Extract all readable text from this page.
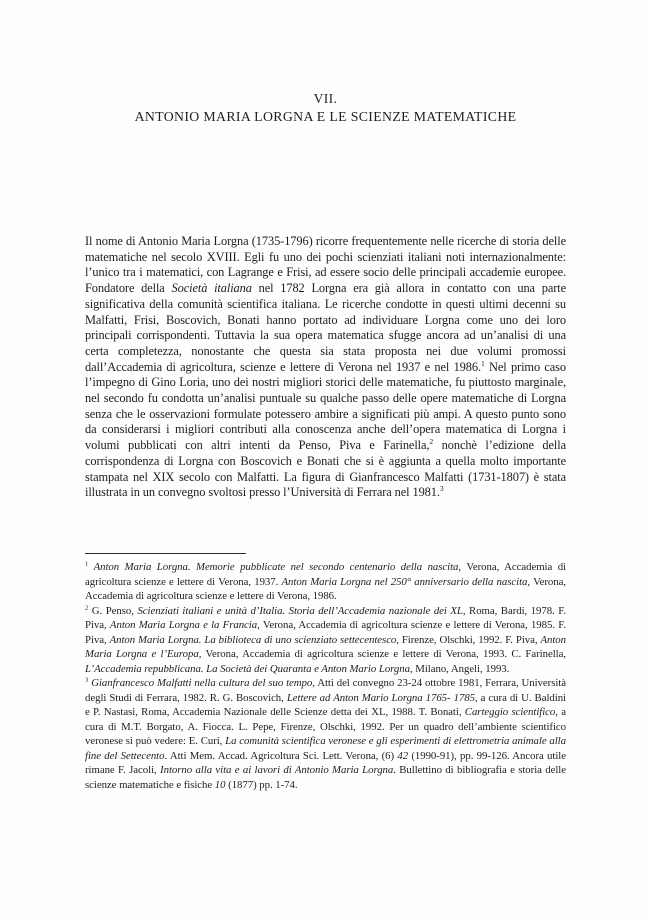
VII.
ANTONIO MARIA LORGNA E LE SCIENZE MATEMATICHE

Il nome di Antonio Maria Lorgna (1735-1796) ricorre frequentemente nelle ricerche di storia delle matematiche nel secolo XVIII. Egli fu uno dei pochi scienziati italiani noti internazionalmente: l’unico tra i matematici, con Lagrange e Frisi, ad essere socio delle principali accademie europee. Fondatore della Società italiana nel 1782 Lorgna era già allora in contatto con una parte significativa della comunità scientifica italiana. Le ricerche condotte in questi ultimi decenni su Malfatti, Frisi, Boscovich, Bonati hanno portato ad individuare Lorgna come uno dei loro principali corrispondenti. Tuttavia la sua opera matematica sfugge ancora ad un’analisi di una certa completezza, nonostante che questa sia stata proposta nei due volumi promossi dall’Accademia di agricoltura, scienze e lettere di Verona nel 1937 e nel 1986.$^1$ Nel primo caso l’impegno di Gino Loria, uno dei nostri migliori storici delle matematiche, fu piuttosto marginale, nel secondo fu condotta un’analisi puntuale su qualche passo delle opere matematiche di Lorgna senza che le osservazioni formulate potessero ambire a significati più ampi. A questo punto sono da considerarsi i migliori contributi alla conoscenza anche dell’opera matematica di Lorgna i volumi pubblicati con altri intenti da Penso, Piva e Farinella,$^2$ nonchè l’edizione della corrispondenza di Lorgna con Boscovich e Bonati che si è aggiunta a quella molto importante stampata nel XIX secolo con Malfatti. La figura di Gianfrancesco Malfatti (1731-1807) è stata illustrata in un convegno svoltosi presso l’Università di Ferrara nel 1981.$^3$

$^1$ Anton Maria Lorgna. Memorie pubblicate nel secondo centenario della nascita, Verona, Accademia di agricoltura scienze e lettere di Verona, 1937. Anton Maria Lorgna nel 250° anniversario della nascita, Verona, Accademia di agricoltura scienze e lettere di Verona, 1986.

$^2$ G. Penso, Scienziati italiani e unità d’Italia. Storia dell’Accademia nazionale dei XL, Roma, Bardi, 1978. F. Piva, Anton Maria Lorgna e la Francia, Verona, Accademia di agricoltura scienze e lettere di Verona, 1985. F. Piva, Anton Maria Lorgna. La biblioteca di uno scienziato settecentesco, Firenze, Olschki, 1992. F. Piva, Anton Maria Lorgna e l’Europa, Verona, Accademia di agricoltura scienze e lettere di Verona, 1993. C. Farinella, L’Accademia repubblicana. La Società dei Quaranta e Anton Mario Lorgna, Milano, Angeli, 1993.

$^3$ Gianfrancesco Malfatti nella cultura del suo tempo, Atti del convegno 23-24 ottobre 1981, Ferrara, Università degli Studi di Ferrara, 1982. R. G. Boscovich, Lettere ad Anton Mario Lorgna 1765- 1785, a cura di U. Baldini e P. Nastasi, Roma, Accademia Nazionale delle Scienze detta dei XL, 1988. T. Bonati, Carteggio scientifico, a cura di M.T. Borgato, A. Fiocca. L. Pepe, Firenze, Olschki, 1992. Per un quadro dell’ambiente scientifico veronese si può vedere: E. Curi, La comunità scientifica veronese e gli esperimenti di elettrometria animale alla fine del Settecento. Atti Mem. Accad. Agricoltura Sci. Lett. Verona, (6) 42 (1990-91), pp. 99-126. Ancora utile rimane F. Jacoli, Intorno alla vita e ai lavori di Antonio Maria Lorgna. Bullettino di bibliografia e storia delle scienze matematiche e fisiche 10 (1877) pp. 1-74.
